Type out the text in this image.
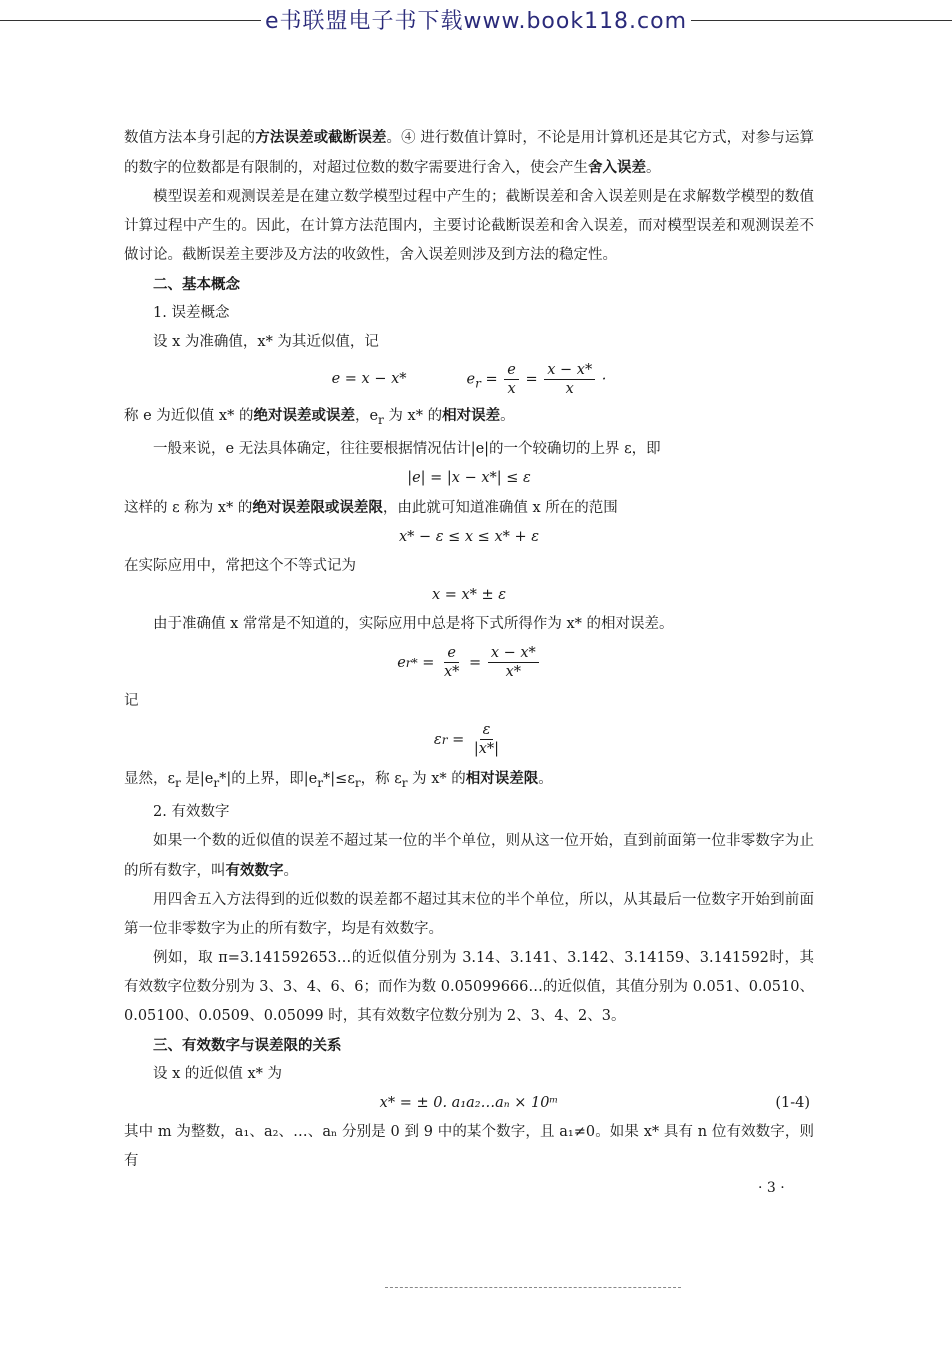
e书联盟电子书下载www.book118.com

数值方法本身引起的方法误差或截断误差。④ 进行数值计算时，不论是用计算机还是其它方式，对参与运算的数字的位数都是有限制的，对超过位数的数字需要进行舍入，使会产生舍入误差。

模型误差和观测误差是在建立数学模型过程中产生的；截断误差和舍入误差则是在求解数学模型的数值计算过程中产生的。因此，在计算方法范围内，主要讨论截断误差和舍入误差，而对模型误差和观测误差不做讨论。截断误差主要涉及方法的收敛性，舍入误差则涉及到方法的稳定性。

二、基本概念

1. 误差概念

设 x 为准确值，x* 为其近似值，记

e = x − x*	$e_r = \frac{e}{x} = \frac{x - x*}{x}$ ·

称 e 为近似值 x* 的绝对误差或误差，$e_r$ 为 x* 的相对误差。

一般来说，e 无法具体确定，往往要根据情况估计|e|的一个较确切的上界 ε，即

|e| = |x − x*| ≤ ε

这样的 ε 称为 x* 的绝对误差限或误差限，由此就可知道准确值 x 所在的范围

x* − ε ≤ x ≤ x* + ε

在实际应用中，常把这个不等式记为

x = x* ± ε

由于准确值 x 常常是不知道的，实际应用中总是将下式所得作为 x* 的相对误差。

e r * = $\frac{e}{x*} = \frac{x - x*}{x*}$

记

ε $r = \frac{\varepsilon}{|x*|}$

显然，$\varepsilon_r$ 是$|e_r*|$的上界，即$|e_r*|\le\varepsilon_r$，称 $\varepsilon_r$ 为 x* 的相对误差限。

2. 有效数字

如果一个数的近似值的误差不超过某一位的半个单位，则从这一位开始，直到前面第一位非零数字为止的所有数字，叫有效数字。

用四舍五入方法得到的近似数的误差都不超过其末位的半个单位，所以，从其最后一位数字开始到前面第一位非零数字为止的所有数字，均是有效数字。

例如，取 π=3.141592653…的近似值分别为 3.14、3.141、3.142、3.14159、3.141592时，其有效数字位数分别为 3、3、4、6、6；而作为数 0.05099666…的近似值，其值分别为 0.051、0.0510、0.05100、0.0509、0.05099 时，其有效数字位数分别为 2、3、4、2、3。

三、有效数字与误差限的关系

设 x 的近似值 x* 为

x* = ± 0. a₁a₂…aₙ × 10ᵐ	(1-4)

其中 m 为整数，a₁、a₂、…、aₙ 分别是 0 到 9 中的某个数字，且 a₁≠0。如果 x* 具有 n 位有效数字，则有

· 3 ·
